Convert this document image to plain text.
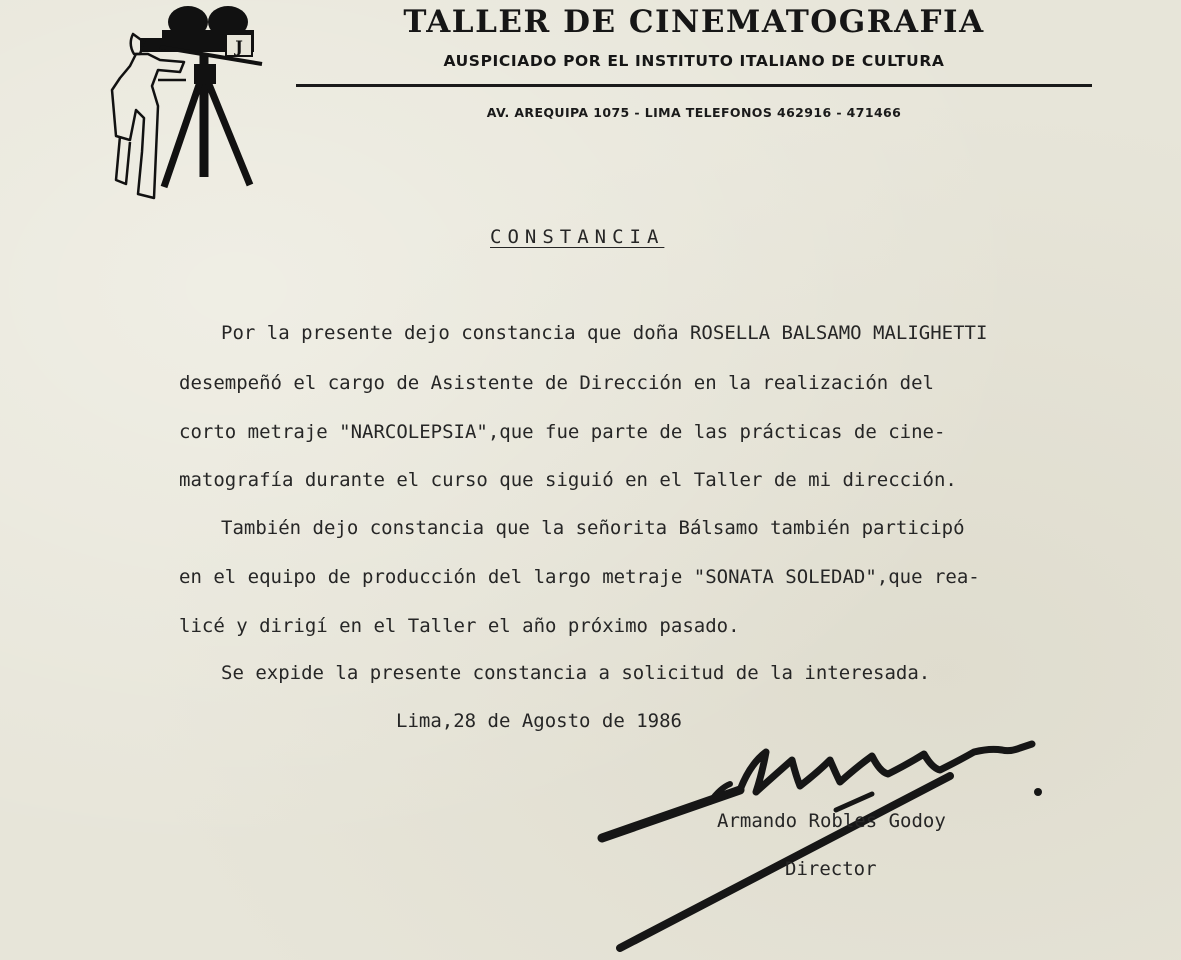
J
TALLER DE CINEMATOGRAFIA
AUSPICIADO POR EL INSTITUTO ITALIANO DE CULTURA
AV. AREQUIPA 1075 - LIMA TELEFONOS 462916 - 471466
CONSTANCIA
Por la presente dejo constancia que doña ROSELLA BALSAMO MALIGHETTI
desempeñó el cargo de Asistente de Dirección en la realización del
corto metraje "NARCOLEPSIA",que fue parte de las prácticas de cine-
matografía durante el curso que siguió en el Taller de mi dirección.
También dejo constancia que la señorita Bálsamo también participó
en el equipo de producción del largo metraje "SONATA SOLEDAD",que rea-
licé y dirigí en el Taller el año próximo pasado.
Se expide la presente constancia a solicitud de la interesada.
Lima,28 de Agosto de 1986
Armando Robles Godoy
Director
